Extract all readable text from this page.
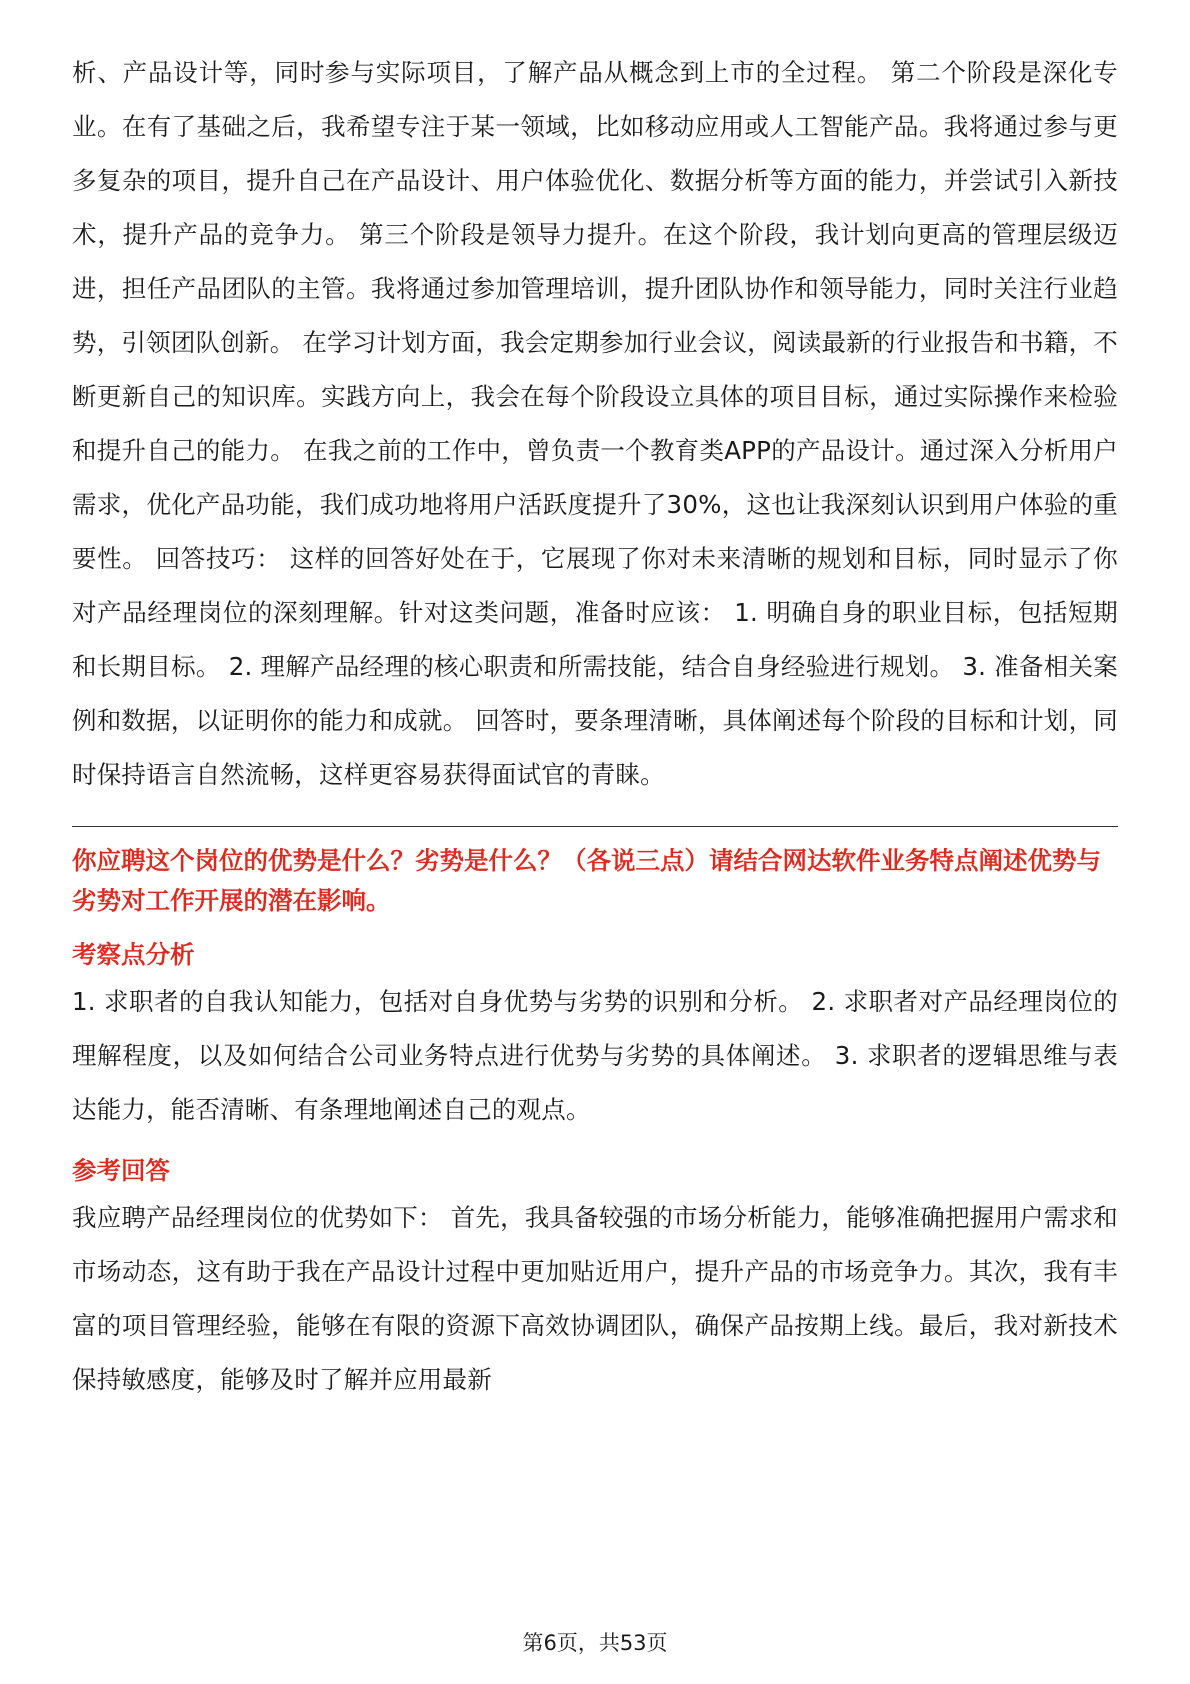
析、产品设计等，同时参与实际项目，了解产品从概念到上市的全过程。 第二个阶段是深化专业。在有了基础之后，我希望专注于某一领域，比如移动应用或人工智能产品。我将通过参与更多复杂的项目，提升自己在产品设计、用户体验优化、数据分析等方面的能力，并尝试引入新技术，提升产品的竞争力。 第三个阶段是领导力提升。在这个阶段，我计划向更高的管理层级迈进，担任产品团队的主管。我将通过参加管理培训，提升团队协作和领导能力，同时关注行业趋势，引领团队创新。 在学习计划方面，我会定期参加行业会议，阅读最新的行业报告和书籍，不断更新自己的知识库。实践方向上，我会在每个阶段设立具体的项目目标，通过实际操作来检验和提升自己的能力。 在我之前的工作中，曾负责一个教育类APP的产品设计。通过深入分析用户需求，优化产品功能，我们成功地将用户活跃度提升了30%，这也让我深刻认识到用户体验的重要性。 回答技巧： 这样的回答好处在于，它展现了你对未来清晰的规划和目标，同时显示了你对产品经理岗位的深刻理解。针对这类问题，准备时应该： 1. 明确自身的职业目标，包括短期和长期目标。 2. 理解产品经理的核心职责和所需技能，结合自身经验进行规划。 3. 准备相关案例和数据，以证明你的能力和成就。 回答时，要条理清晰，具体阐述每个阶段的目标和计划，同时保持语言自然流畅，这样更容易获得面试官的青睐。

你应聘这个岗位的优势是什么？劣势是什么？（各说三点）请结合网达软件业务特点阐述优势与劣势对工作开展的潜在影响。

考察点分析

1. 求职者的自我认知能力，包括对自身优势与劣势的识别和分析。 2. 求职者对产品经理岗位的理解程度，以及如何结合公司业务特点进行优势与劣势的具体阐述。 3. 求职者的逻辑思维与表达能力，能否清晰、有条理地阐述自己的观点。

参考回答

我应聘产品经理岗位的优势如下： 首先，我具备较强的市场分析能力，能够准确把握用户需求和市场动态，这有助于我在产品设计过程中更加贴近用户，提升产品的市场竞争力。其次，我有丰富的项目管理经验，能够在有限的资源下高效协调团队，确保产品按期上线。最后，我对新技术保持敏感度，能够及时了解并应用最新

第6页，共53页
